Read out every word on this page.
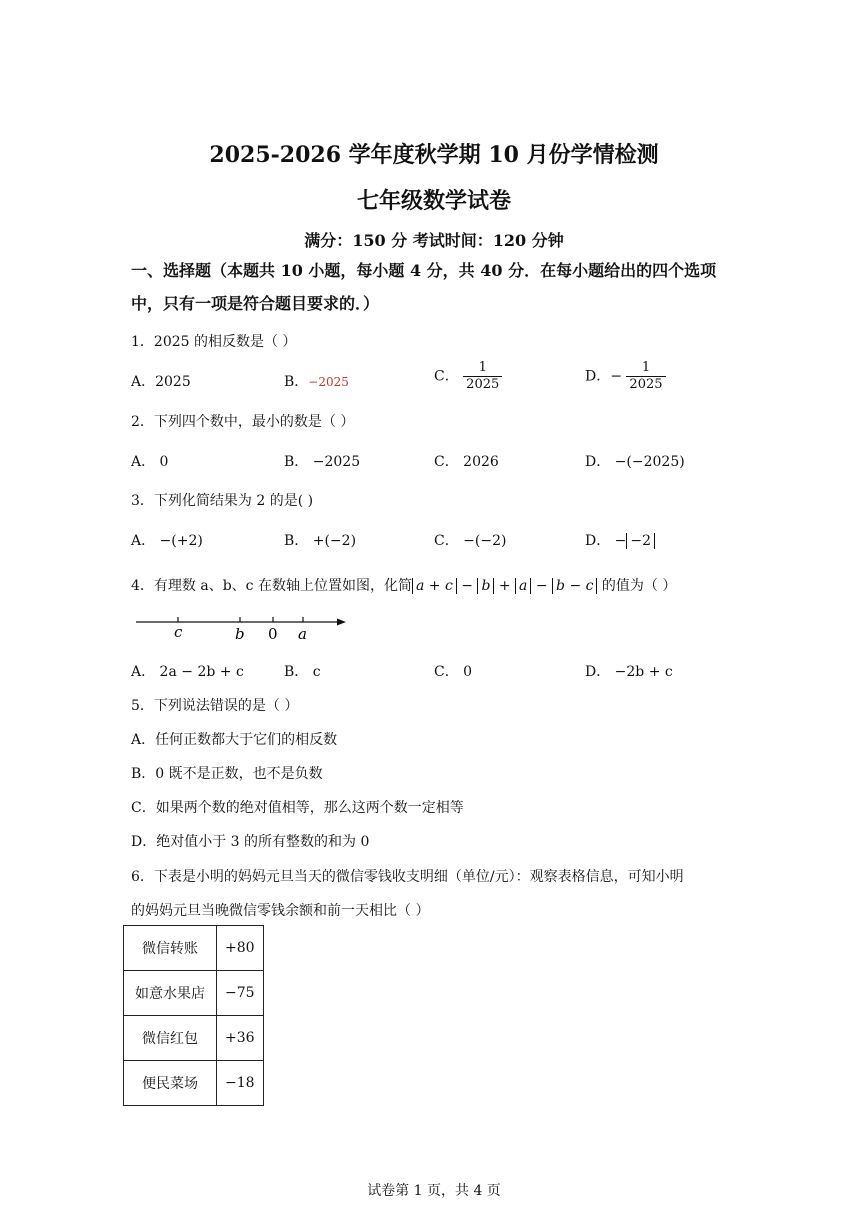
2025-2026 学年度秋学期 10 月份学情检测
七年级数学试卷
满分：150 分 考试时间：120 分钟
一、选择题（本题共 10 小题，每小题 4 分，共 40 分．在每小题给出的四个选项中，只有一项是符合题目要求的．）
1．2025 的相反数是（ ）
A．2025	B．−2025	C． $\frac{1}{2025}$	D．− $\frac{1}{2025}$
2．下列四个数中，最小的数是（ ）
A． 0	B． −2025	C． 2026	D． −(−2025)
3．下列化简结果为 2 的是( )
A． −(+2)	B． +(−2)	C． −(−2)	D． − −2
4．有理数 a、b、c 在数轴上位置如图，化简 a + c − b + a − b − c 的值为（ ）
c	b 0 a
A． 2a − 2b + c	B． c	C． 0	D． −2b + c
5．下列说法错误的是（ ）
A．任何正数都大于它们的相反数
B．0 既不是正数，也不是负数
C．如果两个数的绝对值相等，那么这两个数一定相等
D．绝对值小于 3 的所有整数的和为 0
6．下表是小明的妈妈元旦当天的微信零钱收支明细（单位/元）：观察表格信息，可知小明
的妈妈元旦当晚微信零钱余额和前一天相比（ ）
微信转账	+80
如意水果店	−75
微信红包	+36
便民菜场	−18
试卷第 1 页，共 4 页
